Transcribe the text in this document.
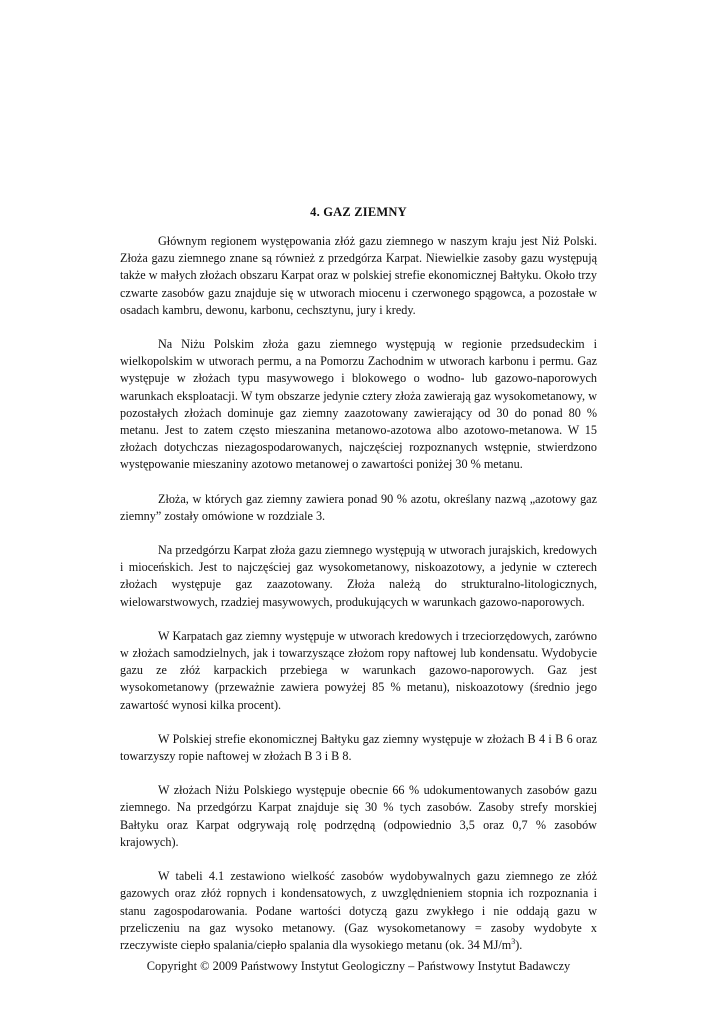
4. GAZ ZIEMNY

Głównym regionem występowania złóż gazu ziemnego w naszym kraju jest Niż Polski. Złoża gazu ziemnego znane są również z przedgórza Karpat. Niewielkie zasoby gazu występują także w małych złożach obszaru Karpat oraz w polskiej strefie ekonomicznej Bałtyku. Około trzy czwarte zasobów gazu znajduje się w utworach miocenu i czerwonego spągowca, a pozostałe w osadach kambru, dewonu, karbonu, cechsztynu, jury i kredy.

Na Niżu Polskim złoża gazu ziemnego występują w regionie przedsudeckim i wielkopolskim w utworach permu, a na Pomorzu Zachodnim w utworach karbonu i permu. Gaz występuje w złożach typu masywowego i blokowego o wodno- lub gazowo-naporowych warunkach eksploatacji. W tym obszarze jedynie cztery złoża zawierają gaz wysokometanowy, w pozostałych złożach dominuje gaz ziemny zaazotowany zawierający od 30 do ponad 80 % metanu. Jest to zatem często mieszanina metanowo-azotowa albo azotowo-metanowa. W 15 złożach dotychczas niezagospodarowanych, najczęściej rozpoznanych wstępnie, stwierdzono występowanie mieszaniny azotowo metanowej o zawartości poniżej 30 % metanu.

Złoża, w których gaz ziemny zawiera ponad 90 % azotu, określany nazwą „azotowy gaz ziemny” zostały omówione w rozdziale 3.

Na przedgórzu Karpat złoża gazu ziemnego występują w utworach jurajskich, kredowych i mioceńskich. Jest to najczęściej gaz wysokometanowy, niskoazotowy, a jedynie w czterech złożach występuje gaz zaazotowany. Złoża należą do strukturalno-litologicznych, wielowarstwowych, rzadziej masywowych, produkujących w warunkach gazowo-naporowych.

W Karpatach gaz ziemny występuje w utworach kredowych i trzeciorzędowych, zarówno w złożach samodzielnych, jak i towarzyszące złożom ropy naftowej lub kondensatu. Wydobycie gazu ze złóż karpackich przebiega w warunkach gazowo-naporowych. Gaz jest wysokometanowy (przeważnie zawiera powyżej 85 % metanu), niskoazotowy (średnio jego zawartość wynosi kilka procent).

W Polskiej strefie ekonomicznej Bałtyku gaz ziemny występuje w złożach B 4 i B 6 oraz towarzyszy ropie naftowej w złożach B 3 i B 8.

W złożach Niżu Polskiego występuje obecnie 66 % udokumentowanych zasobów gazu ziemnego. Na przedgórzu Karpat znajduje się 30 % tych zasobów. Zasoby strefy morskiej Bałtyku oraz Karpat odgrywają rolę podrzędną (odpowiednio 3,5 oraz 0,7 % zasobów krajowych).

W tabeli 4.1 zestawiono wielkość zasobów wydobywalnych gazu ziemnego ze złóż gazowych oraz złóż ropnych i kondensatowych, z uwzględnieniem stopnia ich rozpoznania i stanu zagospodarowania. Podane wartości dotyczą gazu zwykłego i nie oddają gazu w przeliczeniu na gaz wysoko metanowy. (Gaz wysokometanowy = zasoby wydobyte x rzeczywiste ciepło spalania/ciepło spalania dla wysokiego metanu (ok. 34 $MJ/m^3$).

Copyright © 2009 Państwowy Instytut Geologiczny – Państwowy Instytut Badawczy
